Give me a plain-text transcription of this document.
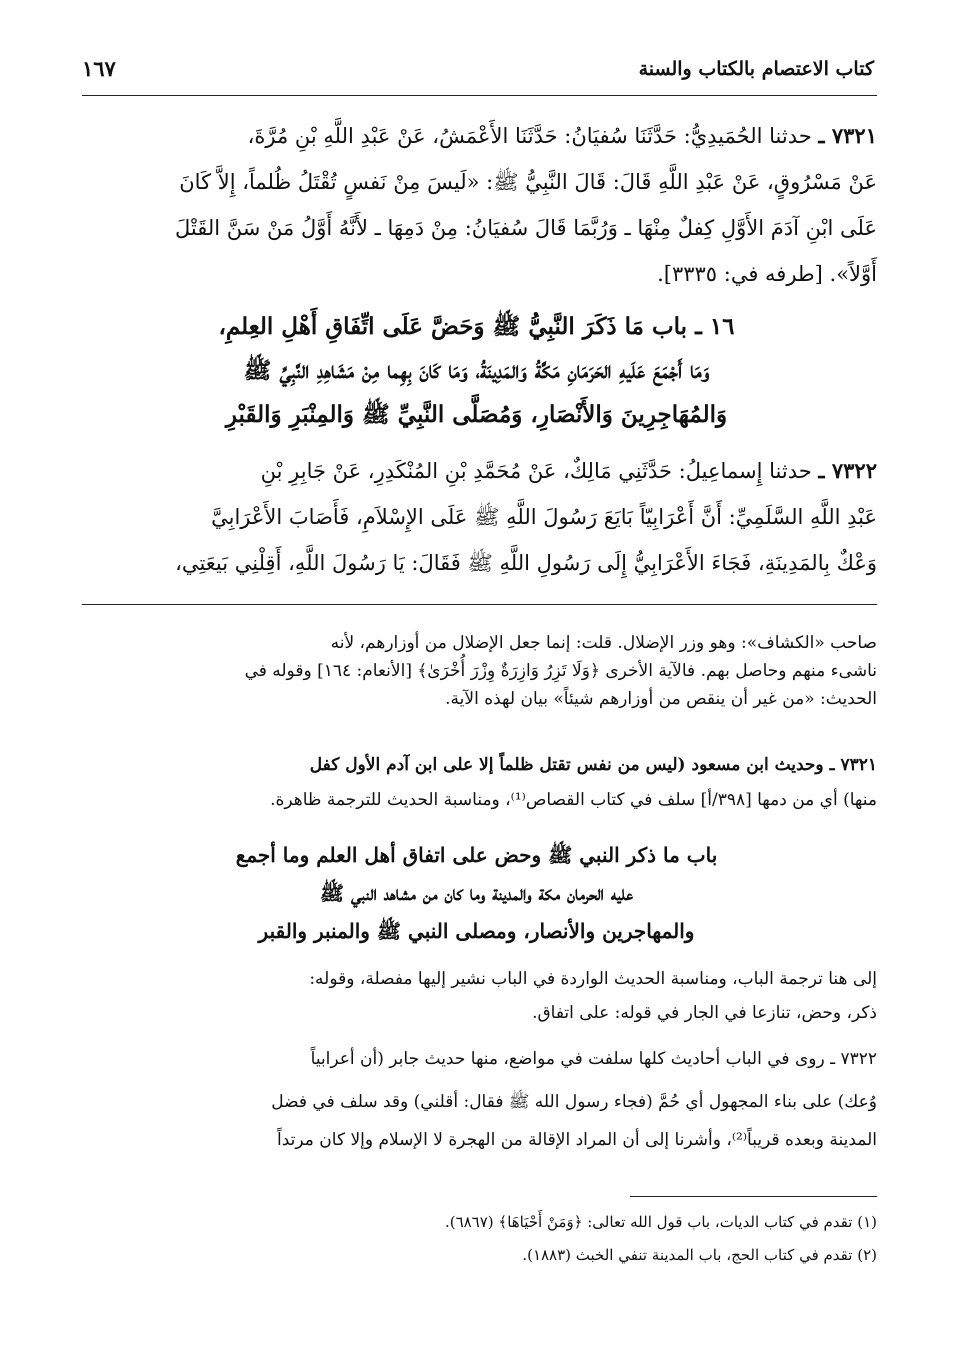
كتاب الاعتصام بالكتاب والسنة
١٦٧
٧٣٢١ ـ حدثنا الحُمَيدِيُّ: حَدَّثَنَا سُفيَانُ: حَدَّثَنَا الأَعْمَشُ، عَنْ عَبْدِ اللَّهِ بْنِ مُرَّةَ،
عَنْ مَسْرُوقٍ، عَنْ عَبْدِ اللَّهِ قَالَ: قَالَ النَّبِيُّ ﷺ: «لَيسَ مِنْ نَفسٍ تُقْتَلُ ظُلماً، إِلاَّ كَانَ
عَلَى ابْنِ آدَمَ الأَوَّلِ كِفلٌ مِنْهَا ـ وَرُبَّمَا قَالَ سُفيَانُ: مِنْ دَمِهَا ـ لأَنَّهُ أَوَّلُ مَنْ سَنَّ القَتْلَ
أَوَّلاً». [طرفه في: ٣٣٣٥].
١٦ ـ باب مَا ذَكَرَ النَّبِيُّ ﷺ وَحَضَّ عَلَى اتِّفَاقِ أَهْلِ العِلمِ،
وَمَا أَجْمَعَ عَلَيهِ الحَرَمَانِ مَكَّةُ وَالمَدِينَةُ، وَمَا كَانَ بِهِما مِنْ مَشَاهِدِ النَّبِيِّ ﷺ
وَالمُهَاجِرِينَ وَالأَنْصَارِ، وَمُصَلَّى النَّبِيِّ ﷺ وَالمِنْبَرِ وَالقَبْرِ
٧٣٢٢ ـ حدثنا إِسماعِيلُ: حَدَّثَنِي مَالِكٌ، عَنْ مُحَمَّدِ بْنِ المُنْكَدِرِ، عَنْ جَابِرِ بْنِ
عَبْدِ اللَّهِ السَّلَمِيِّ: أَنَّ أَعْرَابِيّاً بَايَعَ رَسُولَ اللَّهِ ﷺ عَلَى الإِسْلاَمِ، فَأَصَابَ الأَعْرَابِيَّ
وَعْكٌ بِالمَدِينَةِ، فَجَاءَ الأَعْرَابِيُّ إِلَى رَسُولِ اللَّهِ ﷺ فَقَالَ: يَا رَسُولَ اللَّهِ، أَقِلْنِي بَيعَتِي،
صاحب «الكشاف»: وهو وزر الإضلال. قلت: إنما جعل الإضلال من أوزارهم، لأنه
ناشىء منهم وحاصل بهم. فالآية الأخرى ﴿وَلَا تَزِرُ وَازِرَةٌ وِزْرَ أُخْرَىٰ﴾ [الأنعام: ١٦٤] وقوله في
الحديث: «من غير أن ينقص من أوزارهم شيئاً» بيان لهذه الآية.
٧٣٢١ ـ وحديث ابن مسعود (ليس من نفس تقتل ظلماً إلا على ابن آدم الأول كفل
منها) أي من دمها [٣٩٨/أ] سلف في كتاب القصاص⁽¹⁾، ومناسبة الحديث للترجمة ظاهرة.
باب ما ذكر النبي ﷺ وحض على اتفاق أهل العلم وما أجمع
عليه الحرمان مكة والمدينة وما كان من مشاهد النبي ﷺ
والمهاجرين والأنصار، ومصلى النبي ﷺ والمنبر والقبر
إلى هنا ترجمة الباب، ومناسبة الحديث الواردة في الباب نشير إليها مفصلة، وقوله:
ذكر، وحض، تنازعا في الجار في قوله: على اتفاق.
٧٣٢٢ ـ روى في الباب أحاديث كلها سلفت في مواضع، منها حديث جابر (أن أعرابياً
وُعك) على بناء المجهول أي حُمَّ (فجاء رسول الله ﷺ فقال: أقلني) وقد سلف في فضل
المدينة وبعده قريباً⁽²⁾، وأشرنا إلى أن المراد الإقالة من الهجرة لا الإسلام وإلا كان مرتداً
(١) تقدم في كتاب الديات، باب قول الله تعالى: ﴿وَمَنْ أَحْيَاهَا﴾ (٦٨٦٧).
(٢) تقدم في كتاب الحج، باب المدينة تنفي الخبث (١٨٨٣).
